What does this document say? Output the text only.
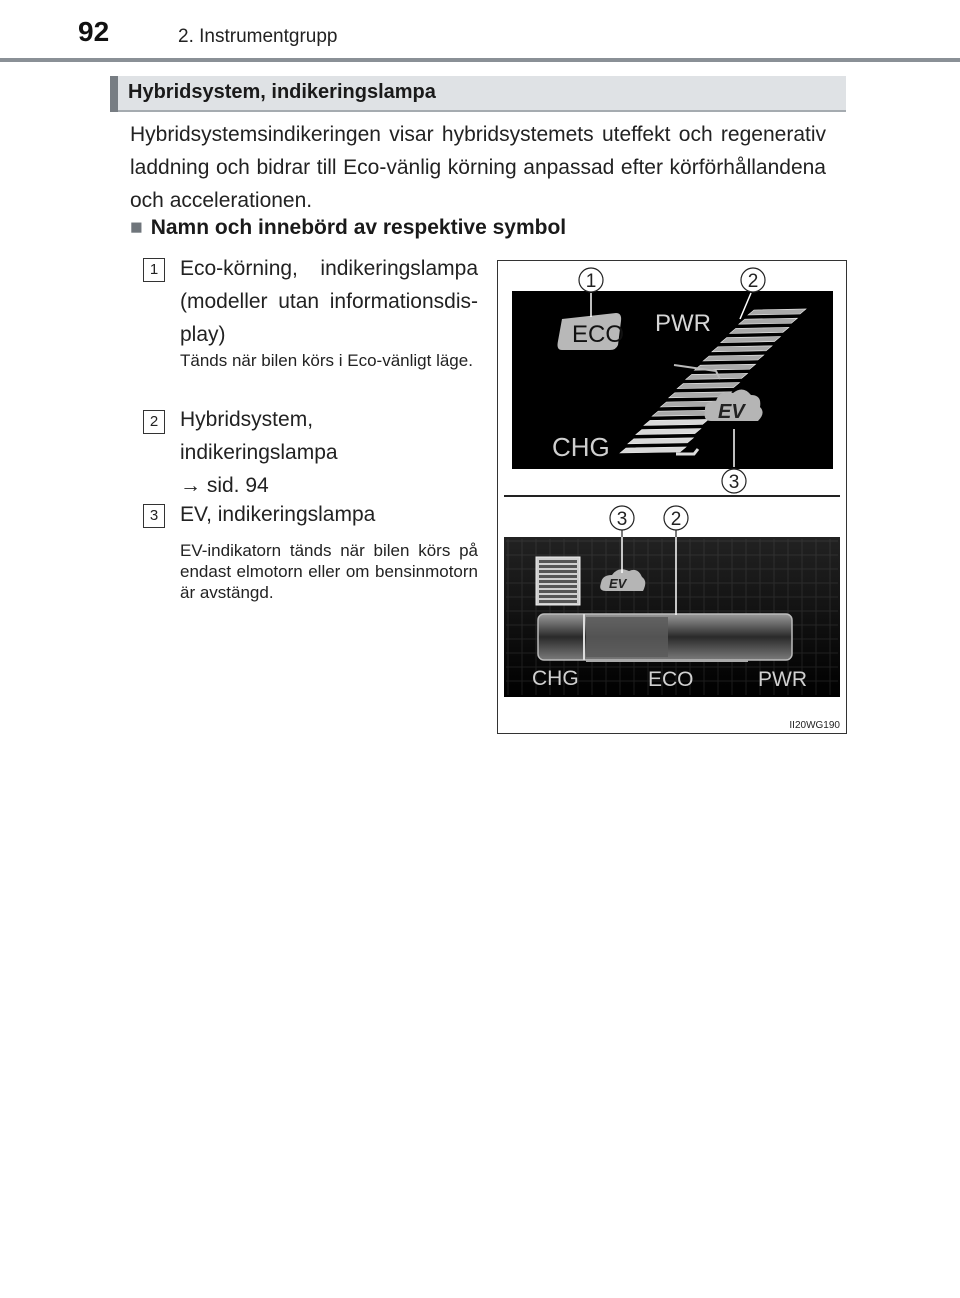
92	2. Instrumentgrupp
Hybridsystem, indikeringslampa
Hybridsystemsindikeringen visar hybridsystemets uteffekt och regenerativ laddning och bidrar till Eco-vänlig körning anpassad efter körförhållandena och accelerationen.
■ Namn och innebörd av respektive symbol
1	Eco-körning, indikeringslampa
(modeller utan informationsdis-
play)
Tänds när bilen körs i Eco-vänligt läge.
2	Hybridsystem,
indikeringslampa
→ sid. 94
3	EV, indikeringslampa
EV-indikatorn tänds när bilen körs på endast elmotorn eller om bensinmotorn är avstängd.
ECO PWR
CHG
EV
1	2
3
EV
CHG	ECO	PWR
3 2
II20WG190
